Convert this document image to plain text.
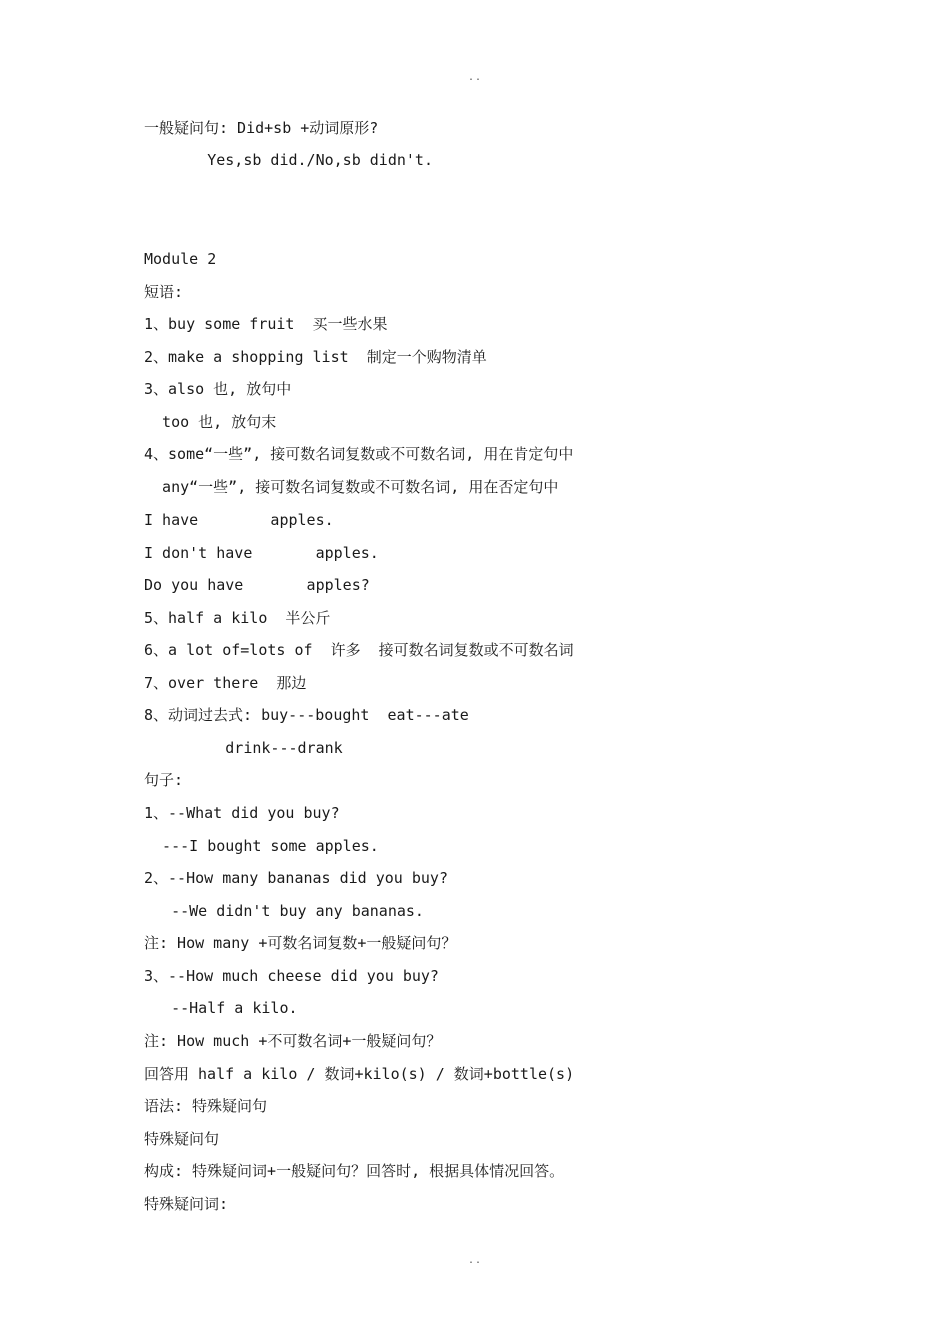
..
一般疑问句: Did+sb +动词原形?
Yes,sb did./No,sb didn't.
Module 2
短语:
1、buy some fruit  买一些水果
2、make a shopping list  制定一个购物清单
3、also 也, 放句中
too 也, 放句末
4、some“一些”, 接可数名词复数或不可数名词, 用在肯定句中
any“一些”, 接可数名词复数或不可数名词, 用在否定句中
I have        apples.
I don't have       apples.
Do you have       apples?
5、half a kilo  半公斤
6、a lot of=lots of  许多  接可数名词复数或不可数名词
7、over there  那边
8、动词过去式: buy---bought  eat---ate
drink---drank
句子:
1、--What did you buy?
---I bought some apples.
2、--How many bananas did you buy?
--We didn't buy any bananas.
注: How many +可数名词复数+一般疑问句？
3、--How much cheese did you buy?
--Half a kilo.
注: How much +不可数名词+一般疑问句？
回答用 half a kilo / 数词+kilo(s) / 数词+bottle(s)
语法: 特殊疑问句
特殊疑问句
构成: 特殊疑问词+一般疑问句？回答时, 根据具体情况回答。
特殊疑问词:
..
